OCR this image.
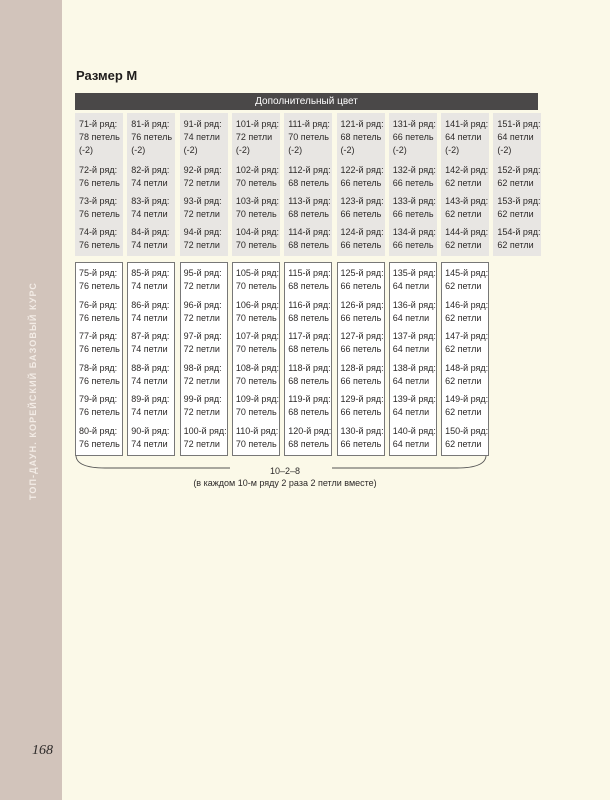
ТОП-ДАУН. КОРЕЙСКИЙ БАЗОВЫЙ КУРС
168
Размер М
Дополнительный цвет
71-й ряд:
78 петель
(-2)
72-й ряд:
76 петель
73-й ряд:
76 петель
74-й ряд:
76 петель
81-й ряд:
76 петель
(-2)
82-й ряд:
74 петли
83-й ряд:
74 петли
84-й ряд:
74 петли
91-й ряд:
74 петли
(-2)
92-й ряд:
72 петли
93-й ряд:
72 петли
94-й ряд:
72 петли
101-й ряд:
72 петли
(-2)
102-й ряд:
70 петель
103-й ряд:
70 петель
104-й ряд:
70 петель
111-й ряд:
70 петель
(-2)
112-й ряд:
68 петель
113-й ряд:
68 петель
114-й ряд:
68 петель
121-й ряд:
68 петель
(-2)
122-й ряд:
66 петель
123-й ряд:
66 петель
124-й ряд:
66 петель
131-й ряд:
66 петель
(-2)
132-й ряд:
66 петель
133-й ряд:
66 петель
134-й ряд:
66 петель
141-й ряд:
64 петли
(-2)
142-й ряд:
62 петли
143-й ряд:
62 петли
144-й ряд:
62 петли
151-й ряд:
64 петли
(-2)
152-й ряд:
62 петли
153-й ряд:
62 петли
154-й ряд:
62 петли
75-й ряд:
76 петель
76-й ряд:
76 петель
77-й ряд:
76 петель
78-й ряд:
76 петель
79-й ряд:
76 петель
80-й ряд:
76 петель
85-й ряд:
74 петли
86-й ряд:
74 петли
87-й ряд:
74 петли
88-й ряд:
74 петли
89-й ряд:
74 петли
90-й ряд:
74 петли
95-й ряд:
72 петли
96-й ряд:
72 петли
97-й ряд:
72 петли
98-й ряд:
72 петли
99-й ряд:
72 петли
100-й ряд:
72 петли
105-й ряд:
70 петель
106-й ряд:
70 петель
107-й ряд:
70 петель
108-й ряд:
70 петель
109-й ряд:
70 петель
110-й ряд:
70 петель
115-й ряд:
68 петель
116-й ряд:
68 петель
117-й ряд:
68 петель
118-й ряд:
68 петель
119-й ряд:
68 петель
120-й ряд:
68 петель
125-й ряд:
66 петель
126-й ряд:
66 петель
127-й ряд:
66 петель
128-й ряд:
66 петель
129-й ряд:
66 петель
130-й ряд:
66 петель
135-й ряд:
64 петли
136-й ряд:
64 петли
137-й ряд:
64 петли
138-й ряд:
64 петли
139-й ряд:
64 петли
140-й ряд:
64 петли
145-й ряд:
62 петли
146-й ряд:
62 петли
147-й ряд:
62 петли
148-й ряд:
62 петли
149-й ряд:
62 петли
150-й ряд:
62 петли
10–2–8
(в каждом 10-м ряду 2 раза 2 петли вместе)
